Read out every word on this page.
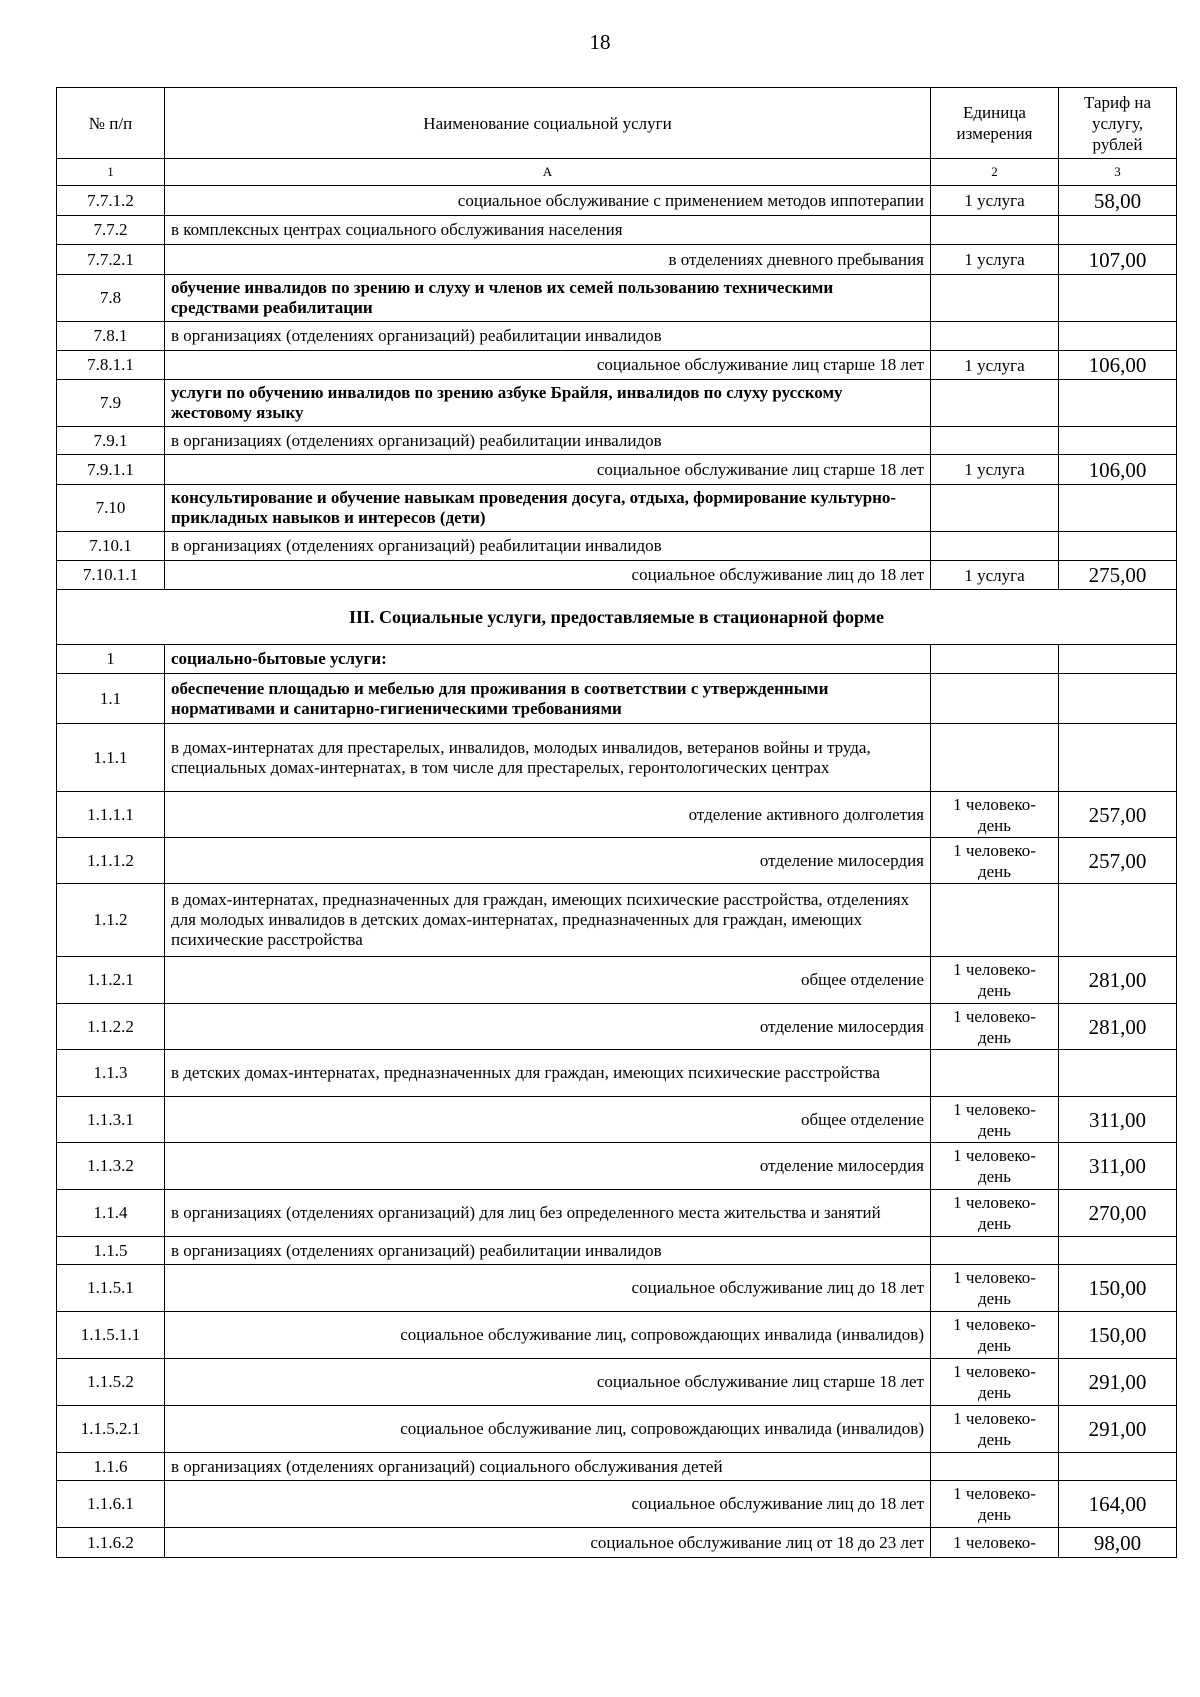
18
№ п/п	Наименование социальной услуги	Единица измерения	Тариф на услугу, рублей
1	А	2	3
7.7.1.2	социальное обслуживание с применением методов иппотерапии	1 услуга	58,00
7.7.2	в комплексных центрах социального обслуживания населения		
7.7.2.1	в отделениях дневного пребывания	1 услуга	107,00
7.8	обучение инвалидов по зрению и слуху и членов их семей пользованию техническими средствами реабилитации		
7.8.1	в организациях (отделениях организаций) реабилитации инвалидов		
7.8.1.1	социальное обслуживание лиц старше 18 лет	1 услуга	106,00
7.9	услуги по обучению инвалидов по зрению азбуке Брайля, инвалидов по слуху русскому жестовому языку		
7.9.1	в организациях (отделениях организаций) реабилитации инвалидов		
7.9.1.1	социальное обслуживание лиц старше 18 лет	1 услуга	106,00
7.10	консультирование и обучение навыкам проведения досуга, отдыха, формирование культурно-прикладных навыков и интересов (дети)		
7.10.1	в организациях (отделениях организаций) реабилитации инвалидов		
7.10.1.1	социальное обслуживание лиц до 18 лет	1 услуга	275,00
III. Социальные услуги, предоставляемые в стационарной форме			
1	социально-бытовые услуги:		
1.1	обеспечение площадью и мебелью для проживания в соответствии с утвержденными нормативами и санитарно-гигиеническими требованиями		
1.1.1	в домах-интернатах для престарелых, инвалидов, молодых инвалидов, ветеранов войны и труда, специальных домах-интернатах, в том числе для престарелых, геронтологических центрах		
1.1.1.1	отделение активного долголетия	1 человеко-день	257,00
1.1.1.2	отделение милосердия	1 человеко-день	257,00
1.1.2	в домах-интернатах, предназначенных для граждан, имеющих психические расстройства, отделениях для молодых инвалидов в детских домах-интернатах, предназначенных для граждан, имеющих психические расстройства		
1.1.2.1	общее отделение	1 человеко-день	281,00
1.1.2.2	отделение милосердия	1 человеко-день	281,00
1.1.3	в детских домах-интернатах, предназначенных для граждан, имеющих психические расстройства		
1.1.3.1	общее отделение	1 человеко-день	311,00
1.1.3.2	отделение милосердия	1 человеко-день	311,00
1.1.4	в организациях (отделениях организаций) для лиц без определенного места жительства и занятий	1 человеко-день	270,00
1.1.5	в организациях (отделениях организаций) реабилитации инвалидов		
1.1.5.1	социальное обслуживание лиц до 18 лет	1 человеко-день	150,00
1.1.5.1.1	социальное обслуживание лиц, сопровождающих инвалида (инвалидов)	1 человеко-день	150,00
1.1.5.2	социальное обслуживание лиц старше 18 лет	1 человеко-день	291,00
1.1.5.2.1	социальное обслуживание лиц, сопровождающих инвалида (инвалидов)	1 человеко-день	291,00
1.1.6	в организациях (отделениях организаций) социального обслуживания детей		
1.1.6.1	социальное обслуживание лиц до 18 лет	1 человеко-день	164,00
1.1.6.2	социальное обслуживание лиц от 18 до 23 лет	1 человеко-	98,00
